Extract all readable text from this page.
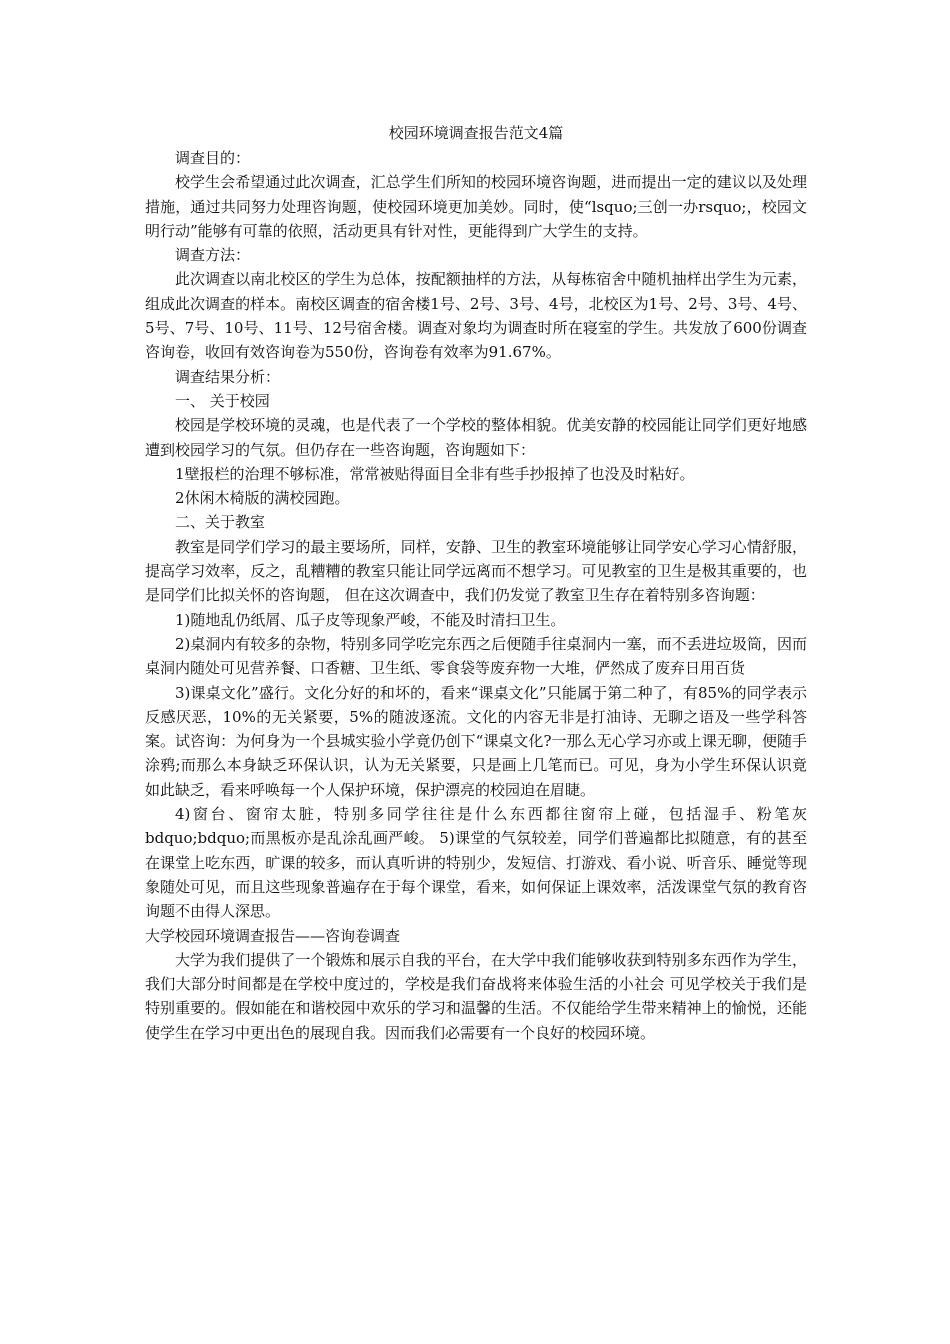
校园环境调查报告范文4篇

调查目的：

校学生会希望通过此次调查，汇总学生们所知的校园环境咨询题，进而提出一定的建议以及处理措施，通过共同努力处理咨询题，使校园环境更加美妙。同时，使“lsquo;三创一办rsquo;，校园文明行动”能够有可靠的依照，活动更具有针对性，更能得到广大学生的支持。

调查方法：

此次调查以南北校区的学生为总体，按配额抽样的方法，从每栋宿舍中随机抽样出学生为元素，组成此次调查的样本。南校区调查的宿舍楼1号、2号、3号、4号，北校区为1号、2号、3号、4号、5号、7号、10号、11号、12号宿舍楼。调查对象均为调查时所在寝室的学生。共发放了600份调查咨询卷，收回有效咨询卷为550份，咨询卷有效率为91.67%。

调查结果分析：

一、 关于校园

校园是学校环境的灵魂，也是代表了一个学校的整体相貌。优美安静的校园能让同学们更好地感遭到校园学习的气氛。但仍存在一些咨询题，咨询题如下：

1壁报栏的治理不够标准，常常被贴得面目全非有些手抄报掉了也没及时粘好。

2休闲木椅版的满校园跑。

二、关于教室

教室是同学们学习的最主要场所，同样，安静、卫生的教室环境能够让同学安心学习心情舒服，提高学习效率，反之，乱糟糟的教室只能让同学远离而不想学习。可见教室的卫生是极其重要的，也是同学们比拟关怀的咨询题， 但在这次调查中，我们仍发觉了教室卫生存在着特别多咨询题：

1)随地乱仍纸屑、瓜子皮等现象严峻，不能及时清扫卫生。

2)桌洞内有较多的杂物，特别多同学吃完东西之后便随手往桌洞内一塞，而不丢进垃圾筒，因而桌洞内随处可见营养餐、口香糖、卫生纸、零食袋等废弃物一大堆，俨然成了废弃日用百货

3)课桌文化”盛行。文化分好的和坏的，看来“课桌文化”只能属于第二种了，有85%的同学表示反感厌恶，10%的无关紧要，5%的随波逐流。文化的内容无非是打油诗、无聊之语及一些学科答案。试咨询：为何身为一个县城实验小学竟仍创下“课桌文化?一那么无心学习亦或上课无聊，便随手涂鸦;而那么本身缺乏环保认识，认为无关紧要，只是画上几笔而已。可见，身为小学生环保认识竟如此缺乏，看来呼唤每一个人保护环境，保护漂亮的校园迫在眉睫。

4)窗台、窗帘太脏，特别多同学往往是什么东西都往窗帘上碰，包括湿手、粉笔灰bdquo;bdquo;而黑板亦是乱涂乱画严峻。 5)课堂的气氛较差，同学们普遍都比拟随意，有的甚至在课堂上吃东西，旷课的较多，而认真听讲的特别少，发短信、打游戏、看小说、听音乐、睡觉等现象随处可见，而且这些现象普遍存在于每个课堂，看来，如何保证上课效率，活泼课堂气氛的教育咨询题不由得人深思。

大学校园环境调查报告——咨询卷调查

大学为我们提供了一个锻炼和展示自我的平台，在大学中我们能够收获到特别多东西作为学生，我们大部分时间都是在学校中度过的，学校是我们奋战将来体验生活的小社会 可见学校关于我们是特别重要的。假如能在和谐校园中欢乐的学习和温馨的生活。不仅能给学生带来精神上的愉悦，还能使学生在学习中更出色的展现自我。因而我们必需要有一个良好的校园环境。
